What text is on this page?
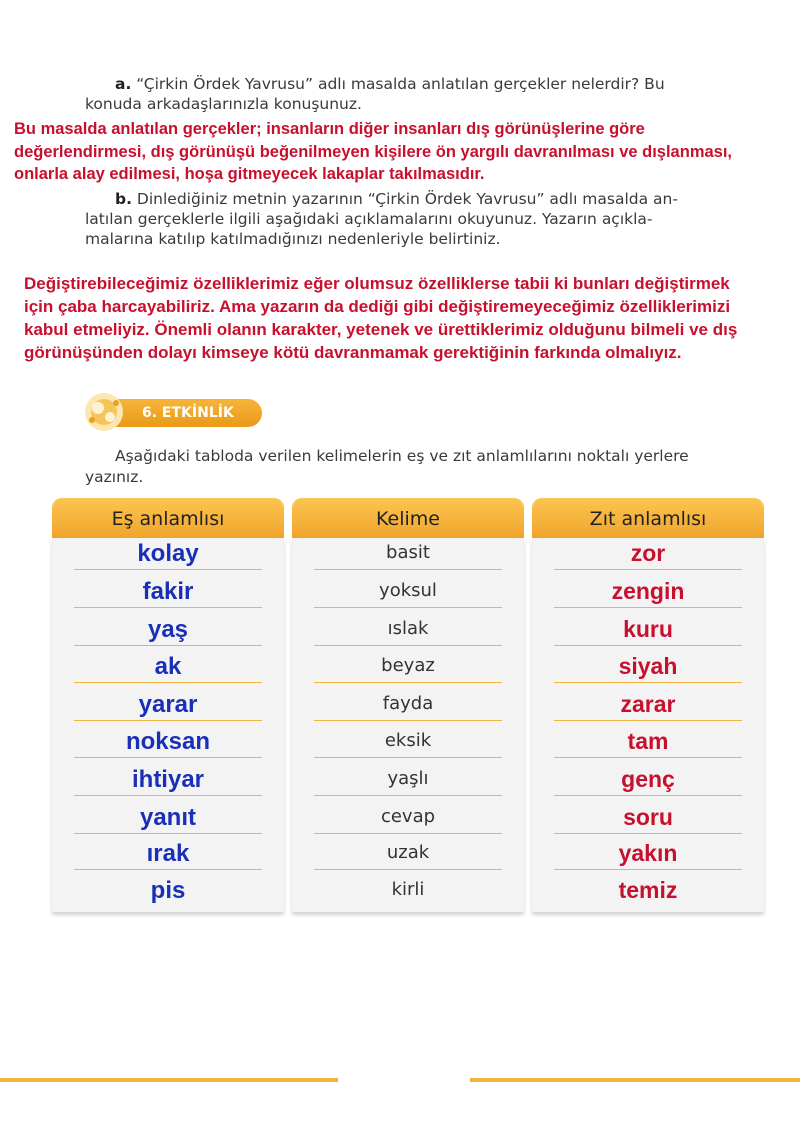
a. “Çirkin Ördek Yavrusu” adlı masalda anlatılan gerçekler nelerdir? Bu
konuda arkadaşlarınızla konuşunuz.
Bu masalda anlatılan gerçekler; insanların diğer insanları dış görünüşlerine göre
değerlendirmesi, dış görünüşü beğenilmeyen kişilere ön yargılı davranılması ve dışlanması,
onlarla alay edilmesi, hoşa gitmeyecek lakaplar takılmasıdır.
b. Dinlediğiniz metnin yazarının “Çirkin Ördek Yavrusu” adlı masalda an-
latılan gerçeklerle ilgili aşağıdaki açıklamalarını okuyunuz. Yazarın açıkla-
malarına katılıp katılmadığınızı nedenleriyle belirtiniz.
Değiştirebileceğimiz özelliklerimiz eğer olumsuz özelliklerse tabii ki bunları değiştirmek
için çaba harcayabiliriz. Ama yazarın da dediği gibi değiştiremeyeceğimiz özelliklerimizi
kabul etmeliyiz. Önemli olanın karakter, yetenek ve ürettiklerimiz olduğunu bilmeli ve dış
görünüşünden dolayı kimseye kötü davranmamak gerektiğinin farkında olmalıyız.
6. ETKİNLİK
Aşağıdaki tabloda verilen kelimelerin eş ve zıt anlamlılarını noktalı yerlere yazınız.
Eş anlamlısı
kolay
fakir
yaş
ak
yarar
noksan
ihtiyar
yanıt
ırak
pis
Kelime
basit
yoksul
ıslak
beyaz
fayda
eksik
yaşlı
cevap
uzak
kirli
Zıt anlamlısı
zor
zengin
kuru
siyah
zarar
tam
genç
soru
yakın
temiz
